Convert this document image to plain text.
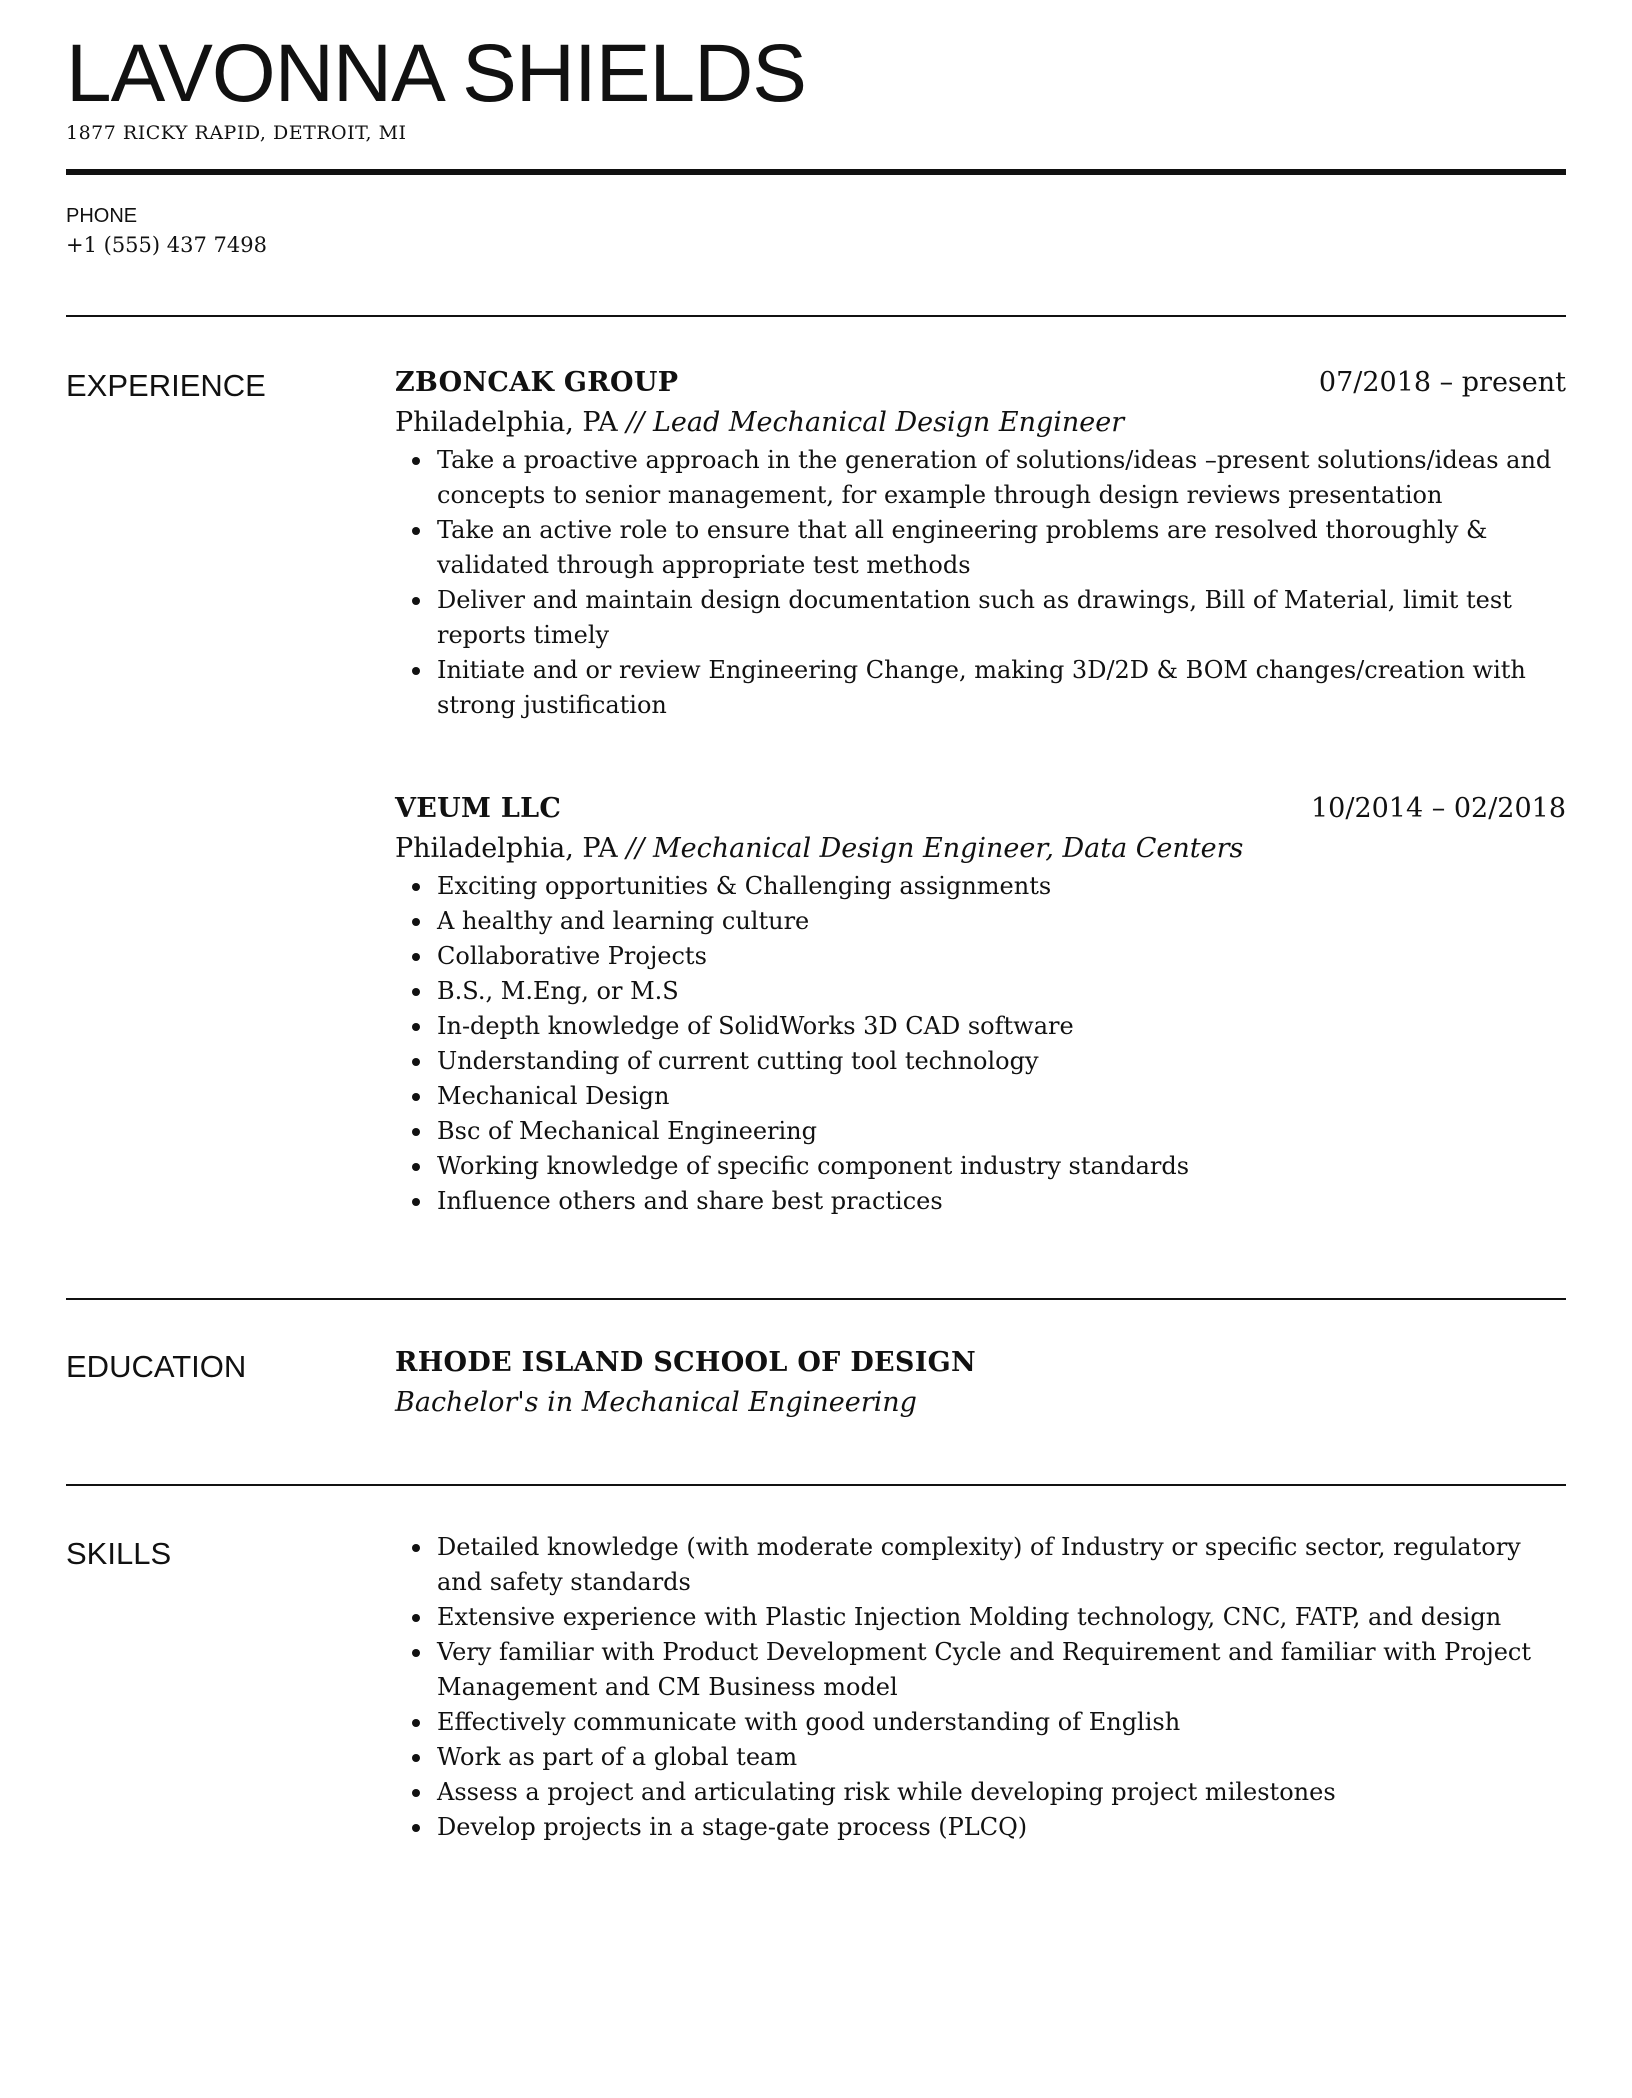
LAVONNA SHIELDS
1877 RICKY RAPID, DETROIT, MI
PHONE
+1 (555) 437 7498
EXPERIENCE	ZBONCAK GROUP	07/2018 – present
Philadelphia, PA // Lead Mechanical Design Engineer
Take a proactive approach in the generation of solutions/ideas –present solutions/ideas and concepts to senior management, for example through design reviews presentation
Take an active role to ensure that all engineering problems are resolved thoroughly & validated through appropriate test methods
Deliver and maintain design documentation such as drawings, Bill of Material, limit test reports timely
Initiate and or review Engineering Change, making 3D/2D & BOM changes/creation with strong justification
VEUM LLC	10/2014 – 02/2018
Philadelphia, PA // Mechanical Design Engineer, Data Centers
Exciting opportunities & Challenging assignments
A healthy and learning culture
Collaborative Projects
B.S., M.Eng, or M.S
In-depth knowledge of SolidWorks 3D CAD software
Understanding of current cutting tool technology
Mechanical Design
Bsc of Mechanical Engineering
Working knowledge of specific component industry standards
Influence others and share best practices
EDUCATION	RHODE ISLAND SCHOOL OF DESIGN
Bachelor's in Mechanical Engineering
SKILLS	Detailed knowledge (with moderate complexity) of Industry or specific sector, regulatory and safety standards
Extensive experience with Plastic Injection Molding technology, CNC, FATP, and design
Very familiar with Product Development Cycle and Requirement and familiar with Project Management and CM Business model
Effectively communicate with good understanding of English
Work as part of a global team
Assess a project and articulating risk while developing project milestones
Develop projects in a stage-gate process (PLCQ)
